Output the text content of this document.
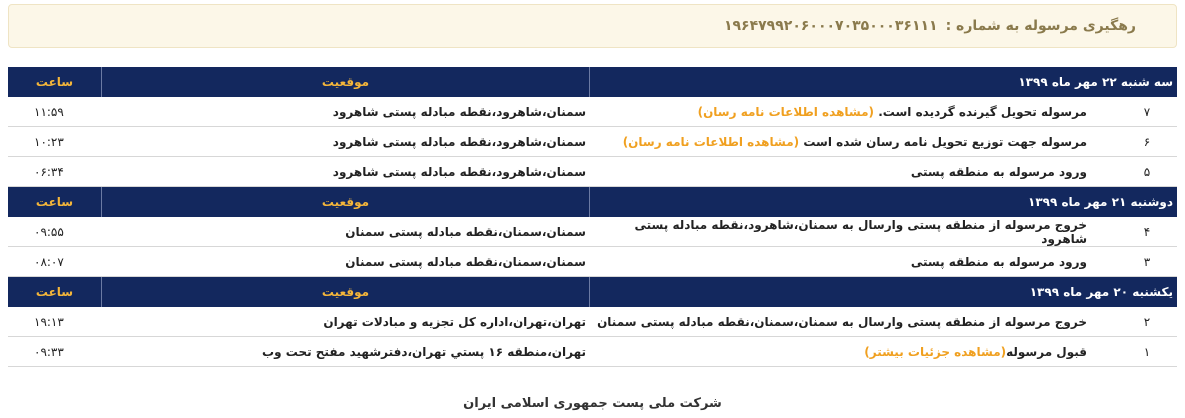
رهگیری مرسوله به شماره :
۱۹۶۴۷۹۹۲۰۶۰۰۰۷۰۳۵۰۰۰۳۶۱۱۱
سه شنبه ۲۲ مهر ماه ۱۳۹۹
موقعیت
ساعت
۷
مرسوله تحویل گیرنده گردیده است. (مشاهده اطلاعات نامه رسان)
سمنان،شاهرود،نقطه مبادله پستی شاهرود
۱۱:۵۹
۶
مرسوله جهت توزیع تحویل نامه رسان شده است (مشاهده اطلاعات نامه رسان)
سمنان،شاهرود،نقطه مبادله پستی شاهرود
۱۰:۲۳
۵
ورود مرسوله به منطقه پستی
سمنان،شاهرود،نقطه مبادله پستی شاهرود
۰۶:۳۴
دوشنبه ۲۱ مهر ماه ۱۳۹۹
موقعیت
ساعت
۴
خروج مرسوله از منطقه پستی وارسال به سمنان،شاهرود،نقطه مبادله پستی شاهرود
سمنان،سمنان،نقطه مبادله پستی سمنان
۰۹:۵۵
۳
ورود مرسوله به منطقه پستی
سمنان،سمنان،نقطه مبادله پستی سمنان
۰۸:۰۷
یکشنبه ۲۰ مهر ماه ۱۳۹۹
موقعیت
ساعت
۲
خروج مرسوله از منطقه پستی وارسال به سمنان،سمنان،نقطه مبادله پستی سمنان
تهران،تهران،اداره کل تجزیه و مبادلات تهران
۱۹:۱۳
۱
قبول مرسوله(مشاهده جزئیات بیشتر)
تهران،منطقه ۱۶ پستي تهران،دفترشهيد مفتح تحت وب
۰۹:۳۳
شرکت ملی پست جمهوری اسلامی ایران
